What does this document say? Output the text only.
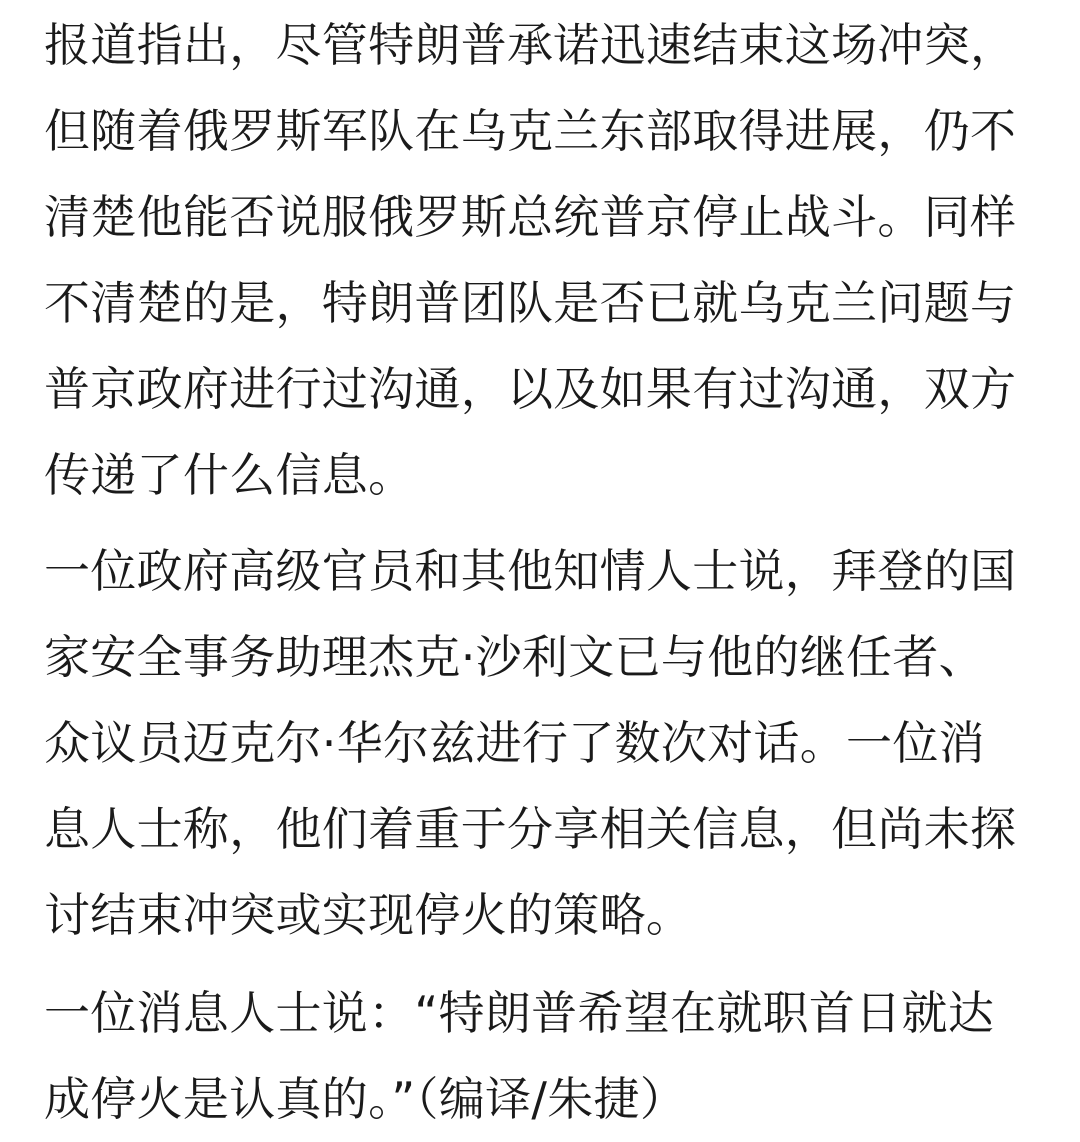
报道指出，尽管特朗普承诺迅速结束这场冲突，
但随着俄罗斯军队在乌克兰东部取得进展，仍不
清楚他能否说服俄罗斯总统普京停止战斗。同样
不清楚的是，特朗普团队是否已就乌克兰问题与
普京政府进行过沟通，以及如果有过沟通，双方
传递了什么信息。

一位政府高级官员和其他知情人士说，拜登的国
家安全事务助理杰克·沙利文已与他的继任者、
众议员迈克尔·华尔兹进行了数次对话。一位消
息人士称，他们着重于分享相关信息，但尚未探
讨结束冲突或实现停火的策略。

一位消息人士说：“特朗普希望在就职首日就达
成停火是认真的。”（编译/朱捷）
